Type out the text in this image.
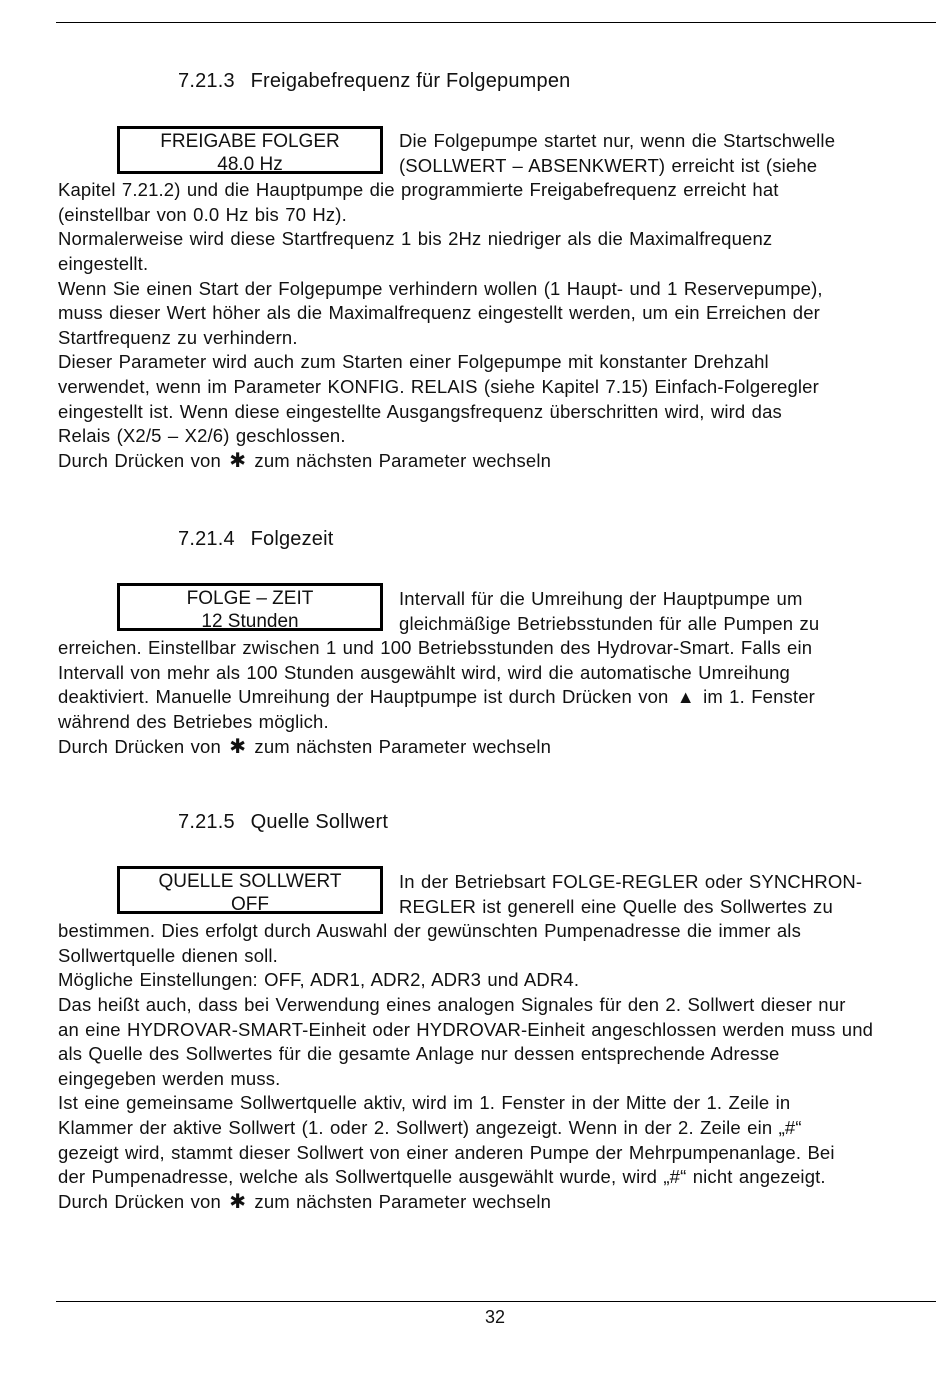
7.21.3 Freigabefrequenz für Folgepumpen
FREIGABE FOLGER
48.0 Hz
Die Folgepumpe startet nur, wenn die Startschwelle
(SOLLWERT – ABSENKWERT) erreicht ist (siehe
Kapitel 7.21.2) und die Hauptpumpe die programmierte Freigabefrequenz erreicht hat
(einstellbar von 0.0 Hz bis 70 Hz).
Normalerweise wird diese Startfrequenz 1 bis 2Hz niedriger als die Maximalfrequenz
eingestellt.
Wenn Sie einen Start der Folgepumpe verhindern wollen (1 Haupt- und 1 Reservepumpe),
muss dieser Wert höher als die Maximalfrequenz eingestellt werden, um ein Erreichen der
Startfrequenz zu verhindern.
Dieser Parameter wird auch zum Starten einer Folgepumpe mit konstanter Drehzahl
verwendet, wenn im Parameter KONFIG. RELAIS (siehe Kapitel 7.15) Einfach-Folgeregler
eingestellt ist. Wenn diese eingestellte Ausgangsfrequenz überschritten wird, wird das
Relais (X2/5 – X2/6) geschlossen.
Durch Drücken von ✱ zum nächsten Parameter wechseln
7.21.4 Folgezeit
FOLGE – ZEIT
12 Stunden
Intervall für die Umreihung der Hauptpumpe um
gleichmäßige Betriebsstunden für alle Pumpen zu
erreichen. Einstellbar zwischen 1 und 100 Betriebsstunden des Hydrovar-Smart. Falls ein
Intervall von mehr als 100 Stunden ausgewählt wird, wird die automatische Umreihung
deaktiviert. Manuelle Umreihung der Hauptpumpe ist durch Drücken von ▲ im 1. Fenster
während des Betriebes möglich.
Durch Drücken von ✱ zum nächsten Parameter wechseln
7.21.5 Quelle Sollwert
QUELLE SOLLWERT
OFF
In der Betriebsart FOLGE-REGLER oder SYNCHRON-
REGLER ist generell eine Quelle des Sollwertes zu
bestimmen. Dies erfolgt durch Auswahl der gewünschten Pumpenadresse die immer als
Sollwertquelle dienen soll.
Mögliche Einstellungen: OFF, ADR1, ADR2, ADR3 und ADR4.
Das heißt auch, dass bei Verwendung eines analogen Signales für den 2. Sollwert dieser nur
an eine HYDROVAR-SMART-Einheit oder HYDROVAR-Einheit angeschlossen werden muss und
als Quelle des Sollwertes für die gesamte Anlage nur dessen entsprechende Adresse
eingegeben werden muss.
Ist eine gemeinsame Sollwertquelle aktiv, wird im 1. Fenster in der Mitte der 1. Zeile in
Klammer der aktive Sollwert (1. oder 2. Sollwert) angezeigt. Wenn in der 2. Zeile ein „#“
gezeigt wird, stammt dieser Sollwert von einer anderen Pumpe der Mehrpumpenanlage. Bei
der Pumpenadresse, welche als Sollwertquelle ausgewählt wurde, wird „#“ nicht angezeigt.
Durch Drücken von ✱ zum nächsten Parameter wechseln
32
